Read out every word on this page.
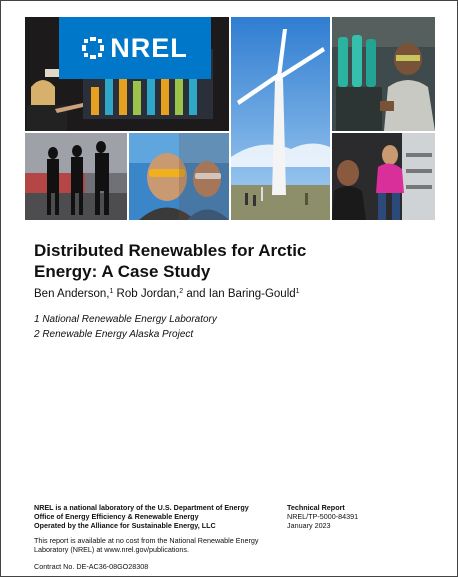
NREL
Distributed Renewables for Arctic
Energy: A Case Study
Ben Anderson,$^1$ Rob Jordan,$^2$ and Ian Baring-Gould$^1$
1 National Renewable Energy Laboratory
2 Renewable Energy Alaska Project
NREL is a national laboratory of the U.S. Department of Energy
Office of Energy Efficiency & Renewable Energy
Operated by the Alliance for Sustainable Energy, LLC
This report is available at no cost from the National Renewable Energy
Laboratory (NREL) at www.nrel.gov/publications.
Contract No. DE-AC36-08GO28308
Technical Report
NREL/TP-5000-84391
January 2023
